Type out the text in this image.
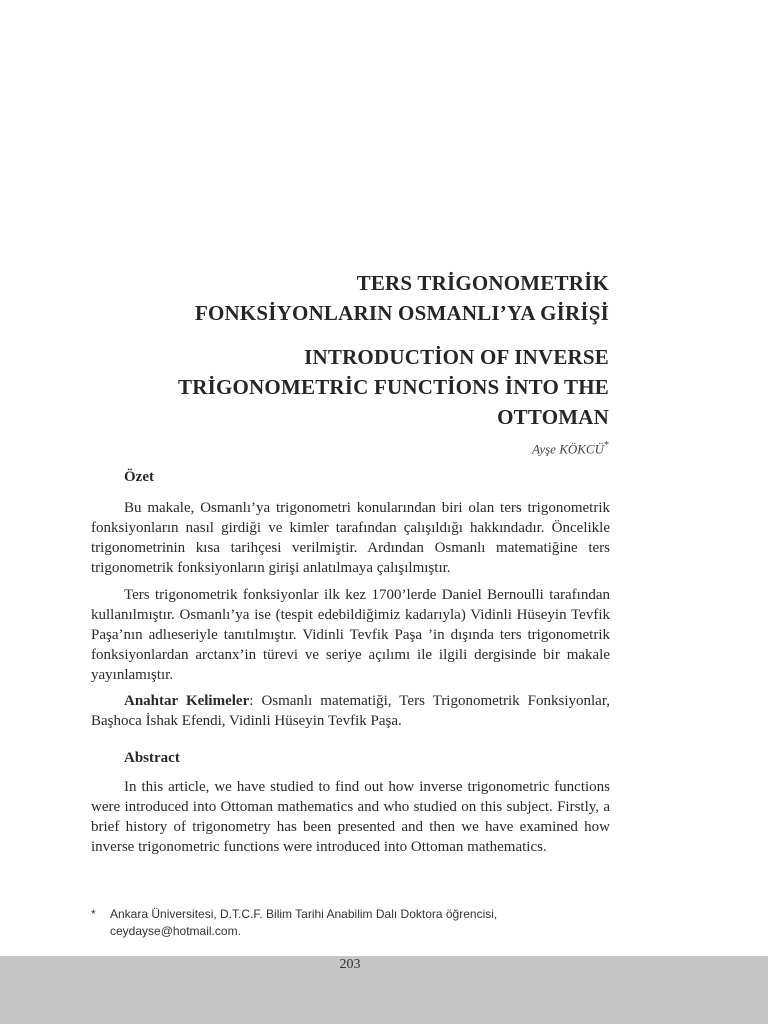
TERS TRİGONOMETRİK
FONKSİYONLARIN OSMANLI’YA GİRİŞİ
INTRODUCTİON OF INVERSE
TRİGONOMETRİC FUNCTİONS İNTO THE
OTTOMAN
Ayşe KÖKCÜ*
Özet

Bu makale, Osmanlı’ya trigonometri konularından biri olan ters trigonometrik fonksiyonların nasıl girdiği ve kimler tarafından çalışıldığı hakkındadır. Öncelikle trigonometrinin kısa tarihçesi verilmiştir. Ardından Osmanlı matematiğine ters trigonometrik fonksiyonların girişi anlatılmaya çalışılmıştır.

Ters trigonometrik fonksiyonlar ilk kez 1700’lerde Daniel Bernoulli tarafından kullanılmıştır. Osmanlı’ya ise (tespit edebildiğimiz kadarıyla) Vidinli Hüseyin Tevfik Paşa’nın adlıeseriyle tanıtılmıştır. Vidinli Tevfik Paşa ’in dışında ters trigonometrik fonksiyonlardan arctanx’in türevi ve seriye açılımı ile ilgili dergisinde bir makale yayınlamıştır.

Anahtar Kelimeler: Osmanlı matematiği, Ters Trigonometrik Fonksiyonlar, Başhoca İshak Efendi, Vidinli Hüseyin Tevfik Paşa.

Abstract

In this article, we have studied to find out how inverse trigonometric functions were introduced into Ottoman mathematics and who studied on this subject. Firstly, a brief history of trigonometry has been presented and then we have examined how inverse trigonometric functions were introduced into Ottoman mathematics.

* Ankara Üniversitesi, D.T.C.F. Bilim Tarihi Anabilim Dalı Doktora öğrencisi, ceydayse@hotmail.com.
203
